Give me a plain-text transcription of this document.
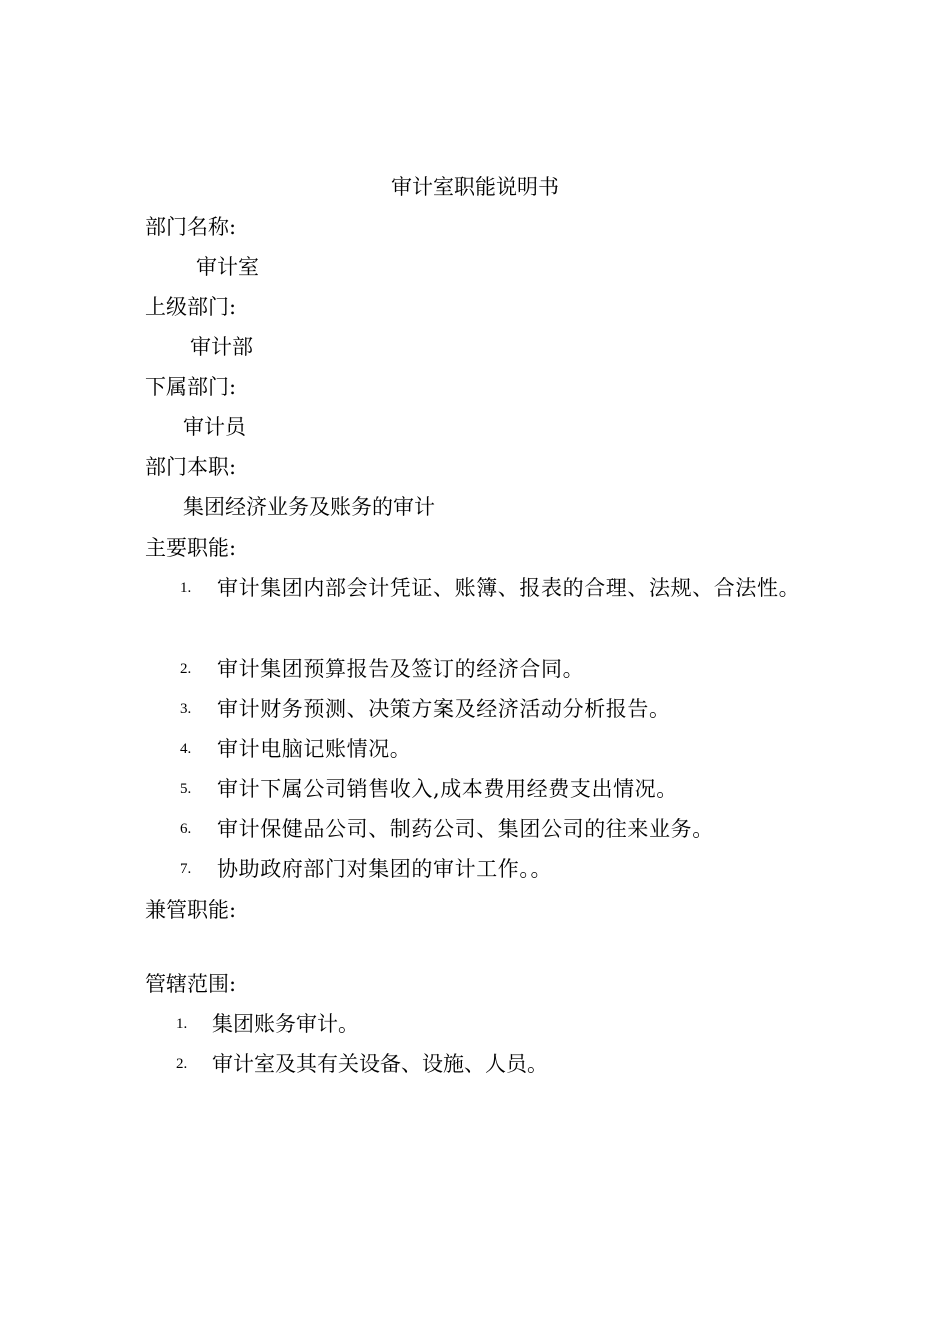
审计室职能说明书
部门名称:
审计室
上级部门:
审计部
下属部门:
审计员
部门本职:
集团经济业务及账务的审计
主要职能:
1. 审计集团内部会计凭证、账簿、报表的合理、法规、合法性。
2. 审计集团预算报告及签订的经济合同。
3. 审计财务预测、决策方案及经济活动分析报告。
4. 审计电脑记账情况。
5. 审计下属公司销售收入,成本费用经费支出情况。
6. 审计保健品公司、制药公司、集团公司的往来业务。
7. 协助政府部门对集团的审计工作。。
兼管职能:
管辖范围:
1. 集团账务审计。
2. 审计室及其有关设备、设施、人员。
